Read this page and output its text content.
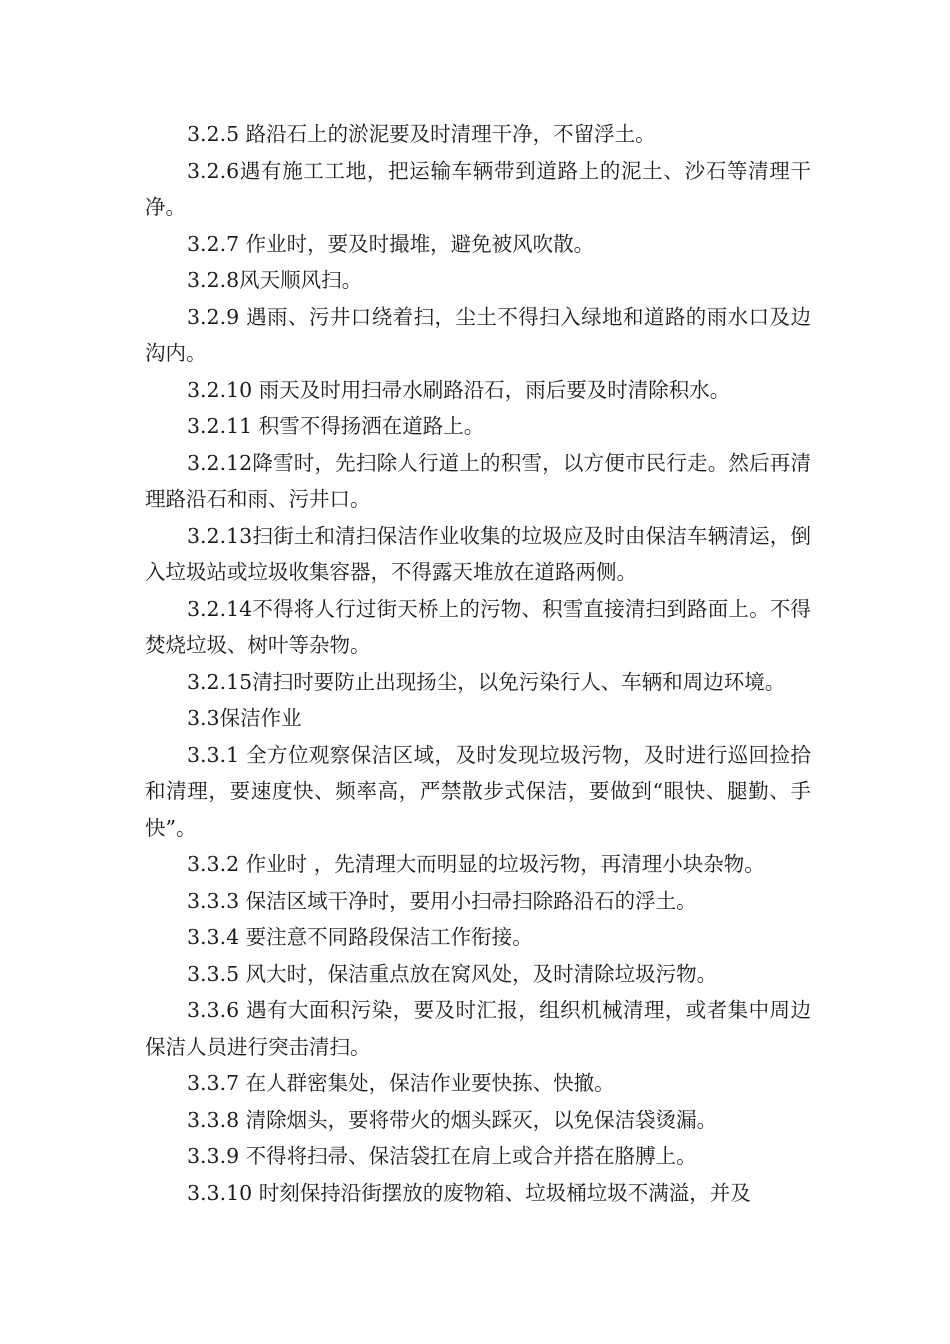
3.2.5 路沿石上的淤泥要及时清理干净，不留浮土。

3.2.6遇有施工工地，把运输车辆带到道路上的泥土、沙石等清理干净。

3.2.7 作业时，要及时撮堆，避免被风吹散。

3.2.8风天顺风扫。

3.2.9 遇雨、污井口绕着扫，尘土不得扫入绿地和道路的雨水口及边沟内。

3.2.10 雨天及时用扫帚水刷路沿石，雨后要及时清除积水。

3.2.11 积雪不得扬洒在道路上。

3.2.12降雪时，先扫除人行道上的积雪，以方便市民行走。然后再清理路沿石和雨、污井口。

3.2.13扫街土和清扫保洁作业收集的垃圾应及时由保洁车辆清运，倒入垃圾站或垃圾收集容器，不得露天堆放在道路两侧。

3.2.14不得将人行过街天桥上的污物、积雪直接清扫到路面上。不得焚烧垃圾、树叶等杂物。

3.2.15清扫时要防止出现扬尘，以免污染行人、车辆和周边环境。

3.3保洁作业

3.3.1 全方位观察保洁区域，及时发现垃圾污物，及时进行巡回捡拾和清理，要速度快、频率高，严禁散步式保洁，要做到“眼快、腿勤、手快”。

3.3.2 作业时 ，先清理大而明显的垃圾污物，再清理小块杂物。

3.3.3 保洁区域干净时，要用小扫帚扫除路沿石的浮土。

3.3.4 要注意不同路段保洁工作衔接。

3.3.5 风大时，保洁重点放在窝风处，及时清除垃圾污物。

3.3.6 遇有大面积污染，要及时汇报，组织机械清理，或者集中周边保洁人员进行突击清扫。

3.3.7 在人群密集处，保洁作业要快拣、快撤。

3.3.8 清除烟头，要将带火的烟头踩灭，以免保洁袋烫漏。

3.3.9 不得将扫帚、保洁袋扛在肩上或合并搭在胳膊上。

3.3.10 时刻保持沿街摆放的废物箱、垃圾桶垃圾不满溢，并及
